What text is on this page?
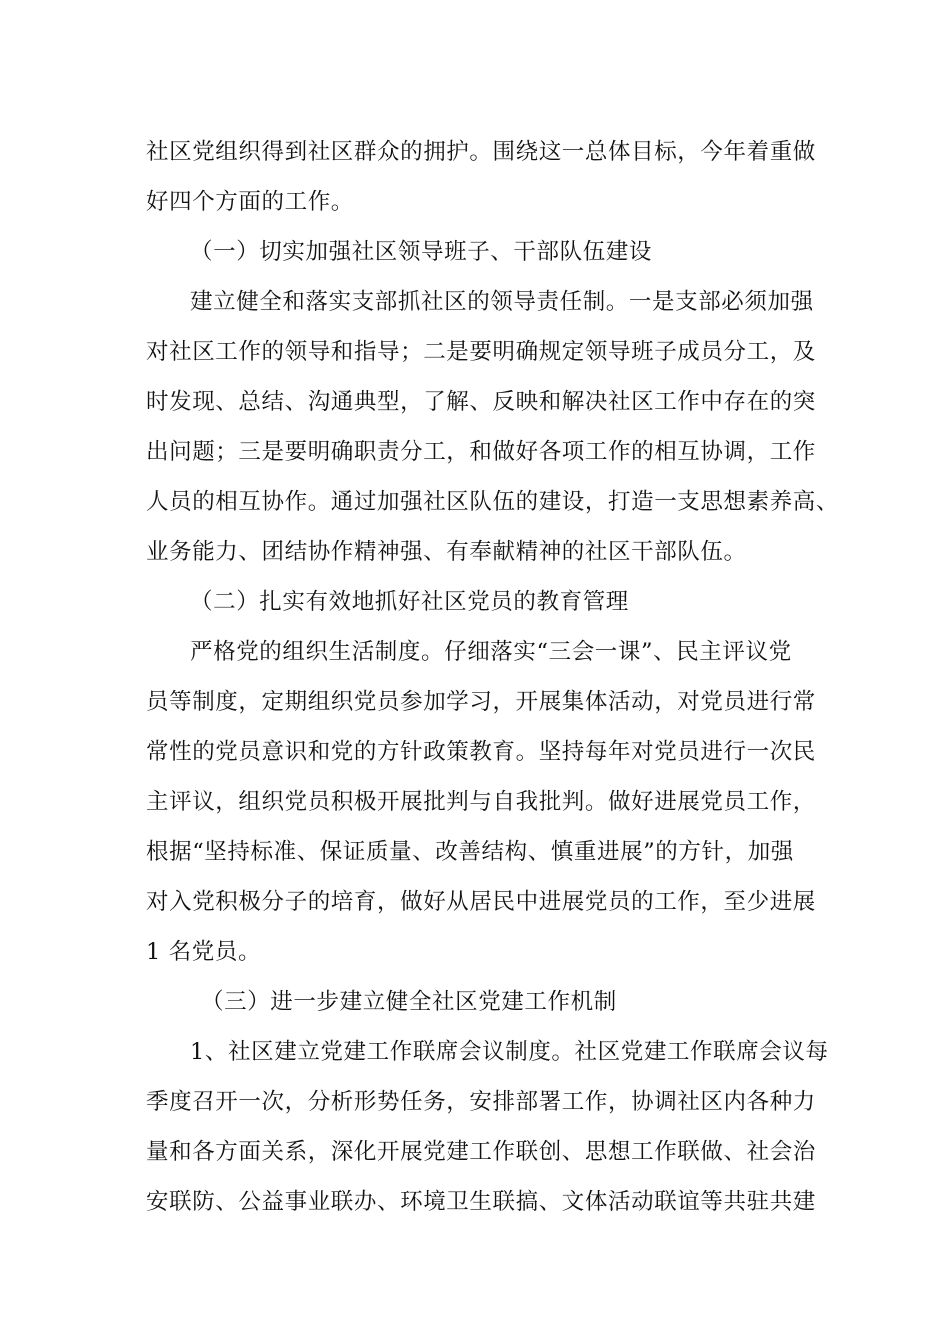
社区党组织得到社区群众的拥护。围绕这一总体目标，今年着重做
好四个方面的工作。
（一）切实加强社区领导班子、干部队伍建设
建立健全和落实支部抓社区的领导责任制。一是支部必须加强
对社区工作的领导和指导；二是要明确规定领导班子成员分工，及
时发现、总结、沟通典型，了解、反映和解决社区工作中存在的突
出问题；三是要明确职责分工，和做好各项工作的相互协调，工作
人员的相互协作。通过加强社区队伍的建设，打造一支思想素养高、
业务能力、团结协作精神强、有奉献精神的社区干部队伍。
（二）扎实有效地抓好社区党员的教育管理
严格党的组织生活制度。仔细落实“三会一课”、民主评议党
员等制度，定期组织党员参加学习，开展集体活动，对党员进行常
常性的党员意识和党的方针政策教育。坚持每年对党员进行一次民
主评议，组织党员积极开展批判与自我批判。做好进展党员工作，
根据“坚持标准、保证质量、改善结构、慎重进展”的方针，加强
对入党积极分子的培育，做好从居民中进展党员的工作，至少进展
1 名党员。
（三）进一步建立健全社区党建工作机制
1、社区建立党建工作联席会议制度。社区党建工作联席会议每
季度召开一次，分析形势任务，安排部署工作，协调社区内各种力
量和各方面关系，深化开展党建工作联创、思想工作联做、社会治
安联防、公益事业联办、环境卫生联搞、文体活动联谊等共驻共建
